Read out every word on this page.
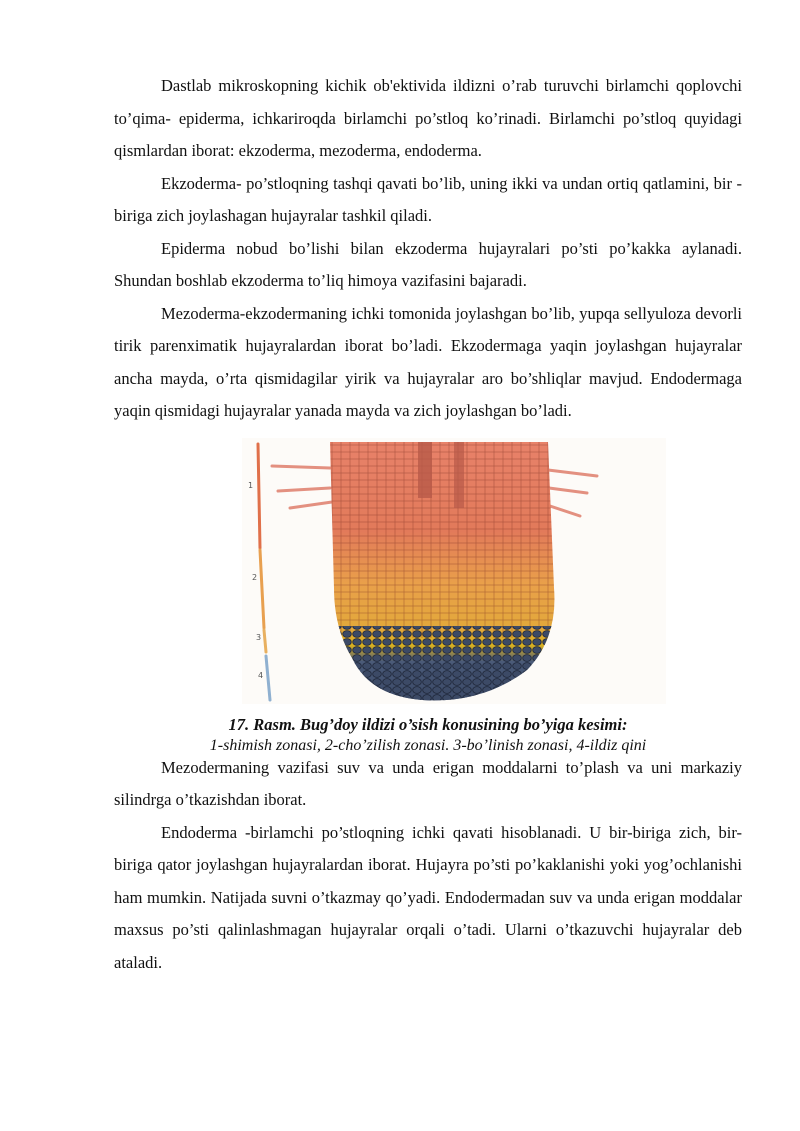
Dastlab mikroskopning kichik ob'ektivida ildizni o’rab turuvchi birlamchi qoplovchi to’qima- epiderma, ichkariroqda birlamchi po’stloq ko’rinadi. Birlamchi po’stloq quyidagi qismlardan iborat: ekzoderma, mezoderma, endoderma.

Ekzoderma- po’stloqning tashqi qavati bo’lib, uning ikki va undan ortiq qatlamini, bir - biriga zich joylashagan hujayralar tashkil qiladi.

Epiderma nobud bo’lishi bilan ekzoderma hujayralari po’sti po’kakka aylanadi. Shundan boshlab ekzoderma to’liq himoya vazifasini bajaradi.

Mezoderma-ekzodermaning ichki tomonida joylashgan bo’lib, yupqa sellyuloza devorli tirik parenximatik hujayralardan iborat bo’ladi. Ekzodermaga yaqin joylashgan hujayralar ancha mayda, o’rta qismidagilar yirik va hujayralar aro bo’shliqlar mavjud. Endodermaga yaqin qismidagi hujayralar yanada mayda va zich joylashgan bo’ladi.

1
2
3
4

17. Rasm. Bug’doy ildizi o’sish konusining bo’yiga kesimi:

1-shimish zonasi, 2-cho’zilish zonasi. 3-bo’linish zonasi, 4-ildiz qini

Mezodermaning vazifasi suv va unda erigan moddalarni to’plash va uni markaziy silindrga o’tkazishdan iborat.

Endoderma -birlamchi po’stloqning ichki qavati hisoblanadi. U bir-biriga zich, bir-biriga qator joylashgan hujayralardan iborat. Hujayra po’sti po’kaklanishi yoki yog’ochlanishi ham mumkin. Natijada suvni o’tkazmay qo’yadi. Endodermadan suv va unda erigan moddalar maxsus po’sti qalinlashmagan hujayralar orqali o’tadi. Ularni o’tkazuvchi hujayralar deb ataladi.
